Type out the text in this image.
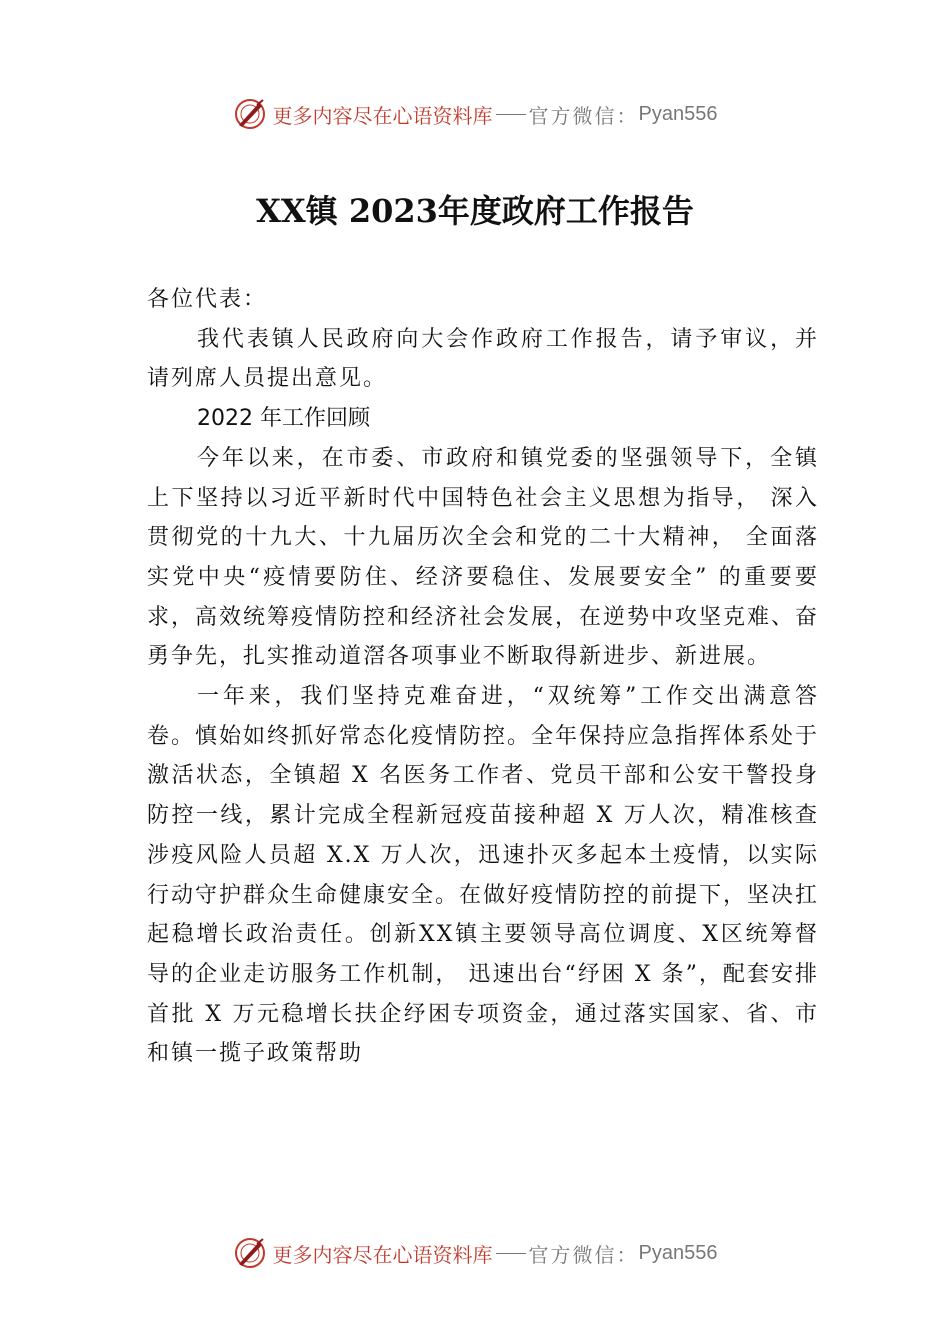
更多内容尽在心语资料库 官方微信： Pyan556
XX镇 2023年度政府工作报告

各位代表：

我代表镇人民政府向大会作政府工作报告，请予审议，并请列席人员提出意见。

2022 年工作回顾

今年以来，在市委、市政府和镇党委的坚强领导下，全镇上下坚持以习近平新时代中国特色社会主义思想为指导， 深入贯彻党的十九大、十九届历次全会和党的二十大精神， 全面落实党中央“疫情要防住、经济要稳住、发展要安全” 的重要要求，高效统筹疫情防控和经济社会发展，在逆势中攻坚克难、奋勇争先，扎实推动道滘各项事业不断取得新进步、新进展。

一年来，我们坚持克难奋进，“双统筹”工作交出满意答卷。慎始如终抓好常态化疫情防控。全年保持应急指挥体系处于激活状态，全镇超 X 名医务工作者、党员干部和公安干警投身防控一线，累计完成全程新冠疫苗接种超 X 万人次，精准核查涉疫风险人员超 X.X 万人次，迅速扑灭多起本土疫情，以实际行动守护群众生命健康安全。在做好疫情防控的前提下，坚决扛起稳增长政治责任。创新XX镇主要领导高位调度、X区统筹督导的企业走访服务工作机制， 迅速出台“纾困 X 条”，配套安排首批 X 万元稳增长扶企纾困专项资金，通过落实国家、省、市和镇一揽子政策帮助

更多内容尽在心语资料库 官方微信： Pyan556
